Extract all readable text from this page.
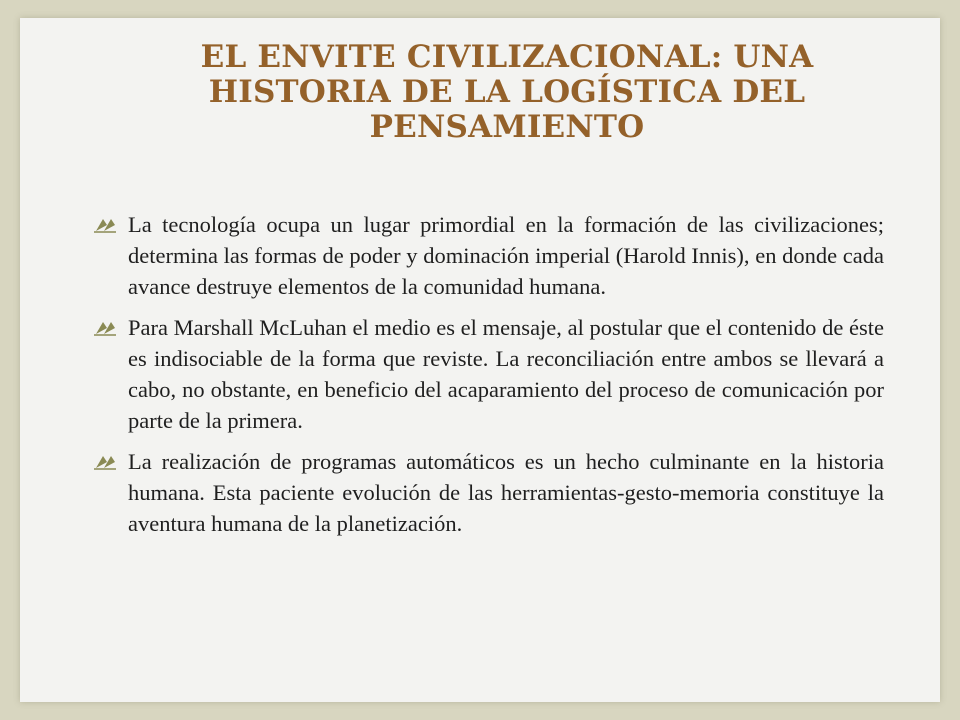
EL ENVITE CIVILIZACIONAL: UNA HISTORIA DE LA LOGÍSTICA DEL PENSAMIENTO
La tecnología ocupa un lugar primordial en la formación de las civilizaciones; determina las formas de poder y dominación imperial (Harold Innis), en donde cada avance destruye elementos de la comunidad humana.
Para Marshall McLuhan el medio es el mensaje, al postular que el contenido de éste es indisociable de la forma que reviste. La reconciliación entre ambos se llevará a cabo, no obstante, en beneficio del acaparamiento del proceso de comunicación por parte de la primera.
La realización de programas automáticos es un hecho culminante en la historia humana. Esta paciente evolución de las herramientas-gesto-memoria constituye la aventura humana de la planetización.
